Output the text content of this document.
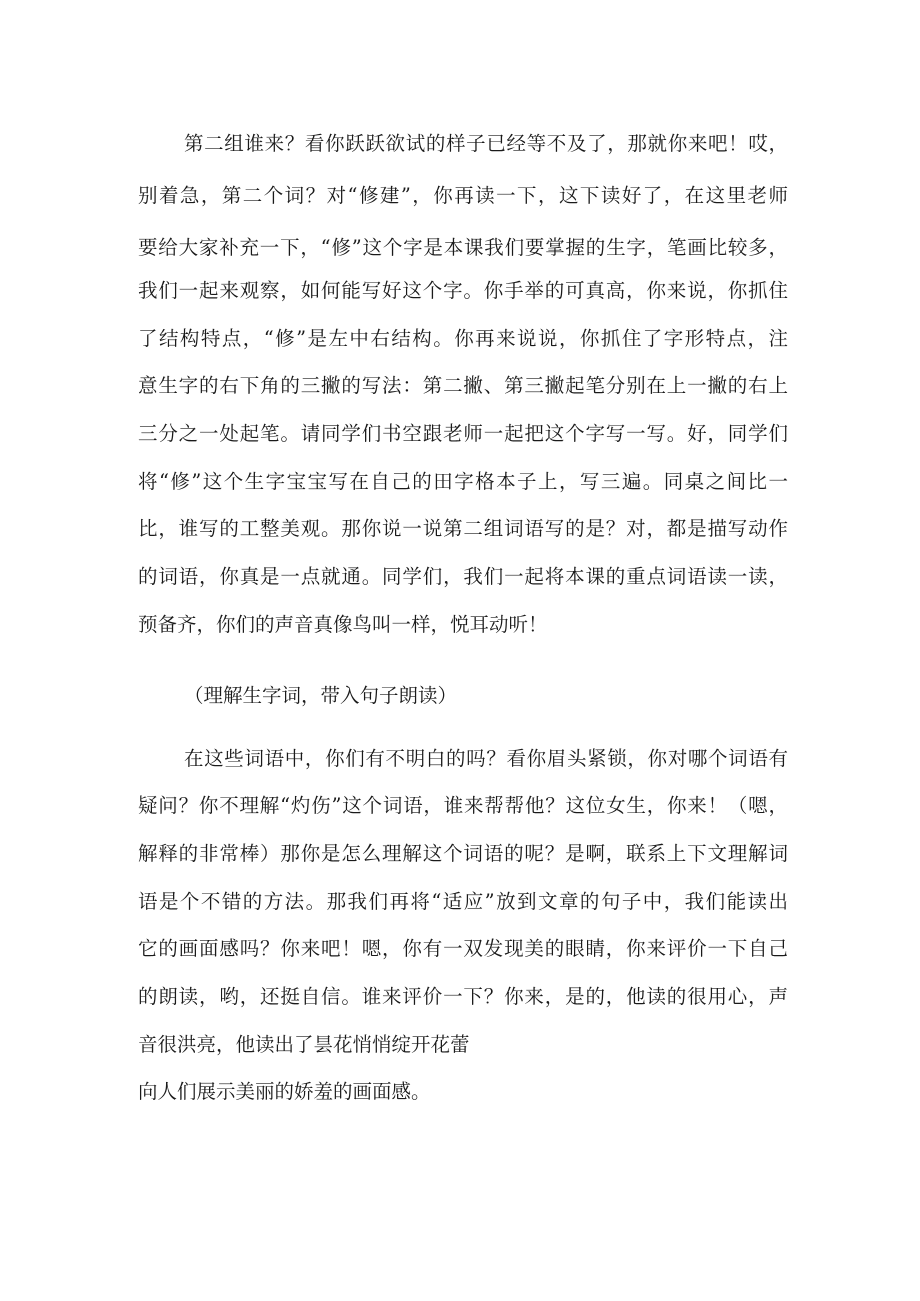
第二组谁来？看你跃跃欲试的样子已经等不及了，那就你来吧！哎，
别着急，第二个词？对“修建”，你再读一下，这下读好了，在这里老师
要给大家补充一下，“修”这个字是本课我们要掌握的生字，笔画比较多，
我们一起来观察，如何能写好这个字。你手举的可真高，你来说，你抓住
了结构特点，“修”是左中右结构。你再来说说，你抓住了字形特点，注
意生字的右下角的三撇的写法：第二撇、第三撇起笔分别在上一撇的右上
三分之一处起笔。请同学们书空跟老师一起把这个字写一写。好，同学们
将“修”这个生字宝宝写在自己的田字格本子上，写三遍。同桌之间比一
比，谁写的工整美观。那你说一说第二组词语写的是？对，都是描写动作
的词语，你真是一点就通。同学们，我们一起将本课的重点词语读一读，
预备齐，你们的声音真像鸟叫一样，悦耳动听！
（理解生字词，带入句子朗读）
在这些词语中，你们有不明白的吗？看你眉头紧锁，你对哪个词语有
疑问？你不理解“灼伤”这个词语，谁来帮帮他？这位女生，你来！（嗯，
解释的非常棒）那你是怎么理解这个词语的呢？是啊，联系上下文理解词
语是个不错的方法。那我们再将“适应”放到文章的句子中，我们能读出
它的画面感吗？你来吧！嗯，你有一双发现美的眼睛，你来评价一下自己
的朗读，哟，还挺自信。谁来评价一下？你来，是的，他读的很用心，声
音很洪亮，他读出了昙花悄悄绽开花蕾
向人们展示美丽的娇羞的画面感。
